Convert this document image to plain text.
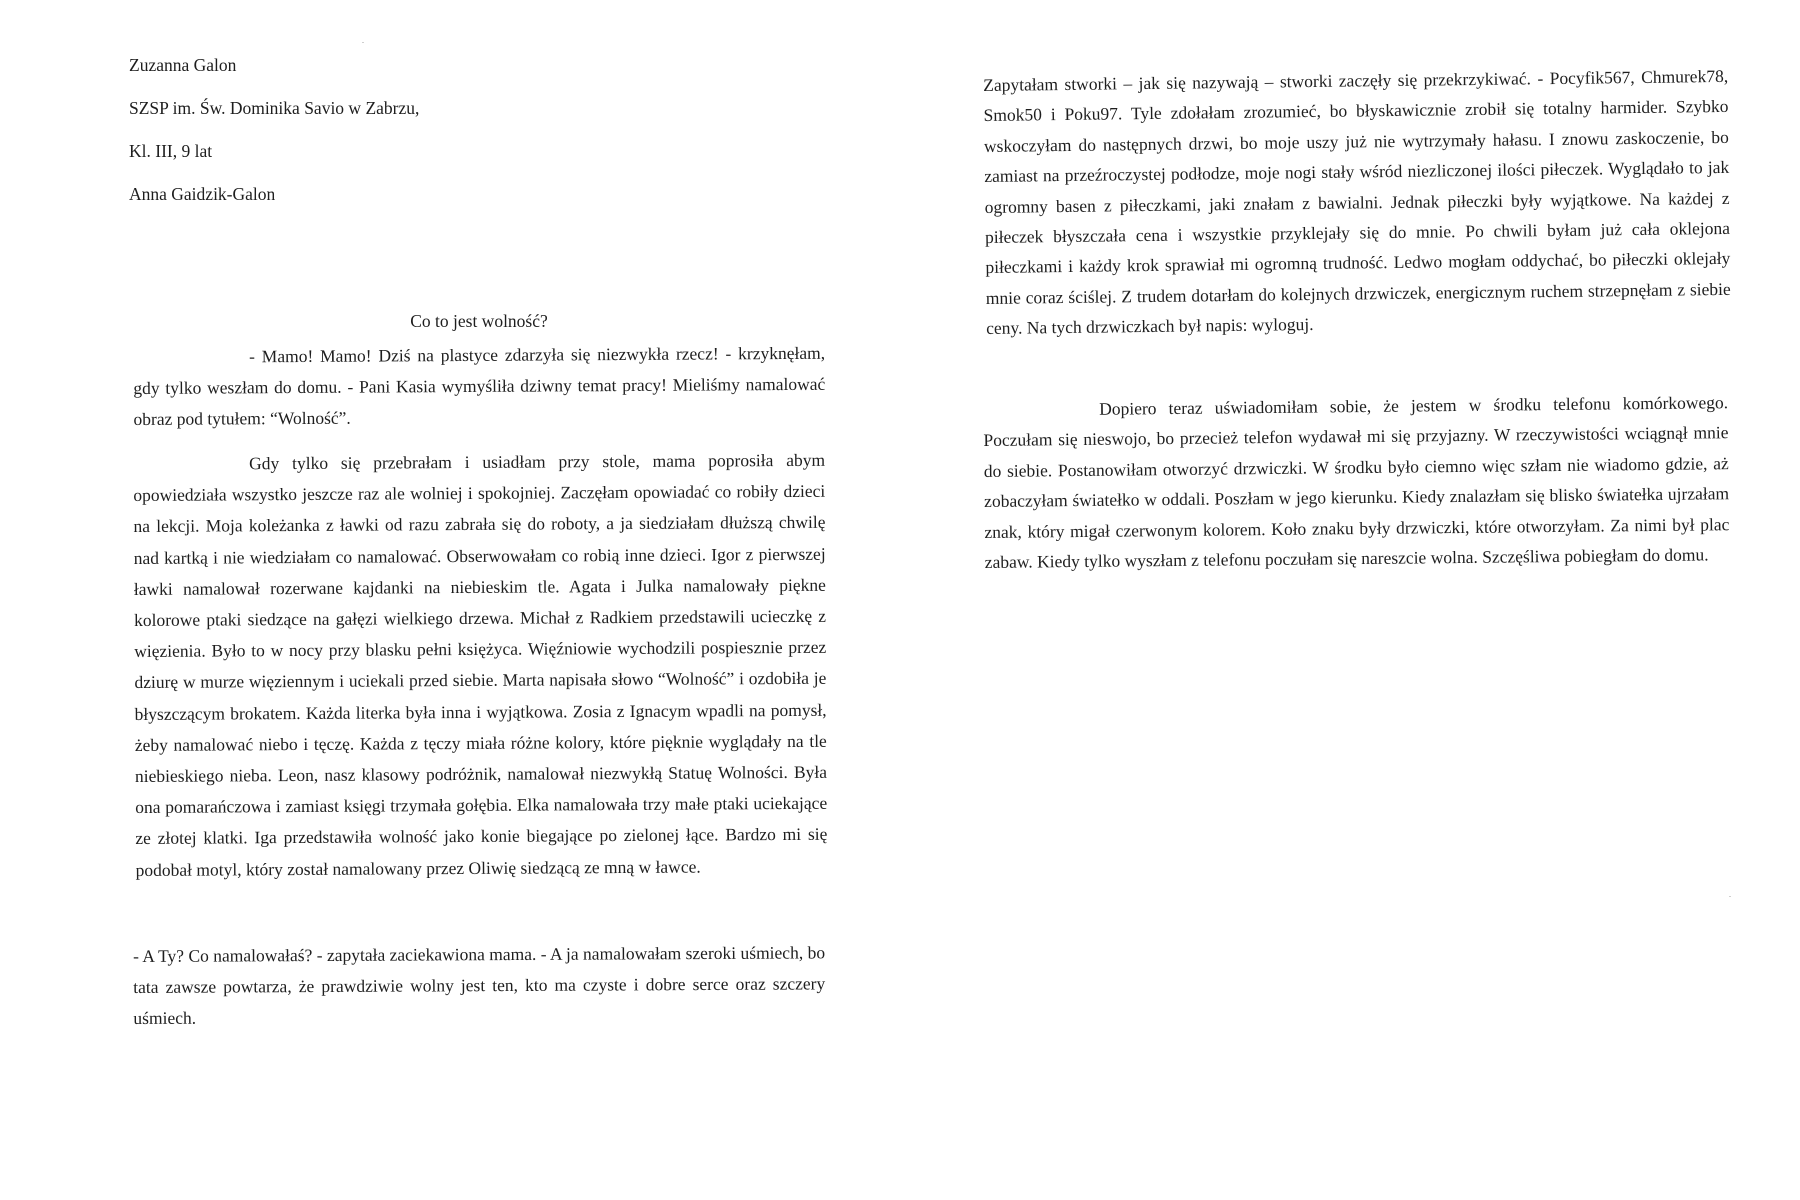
Zuzanna Galon
SZSP im. Św. Dominika Savio w Zabrzu,
Kl. III, 9 lat
Anna Gaidzik-Galon
Co to jest wolność?

- Mamo! Mamo! Dziś na plastyce zdarzyła się niezwykła rzecz! - krzyknęłam, gdy tylko weszłam do domu. - Pani Kasia wymyśliła dziwny temat pracy! Mieliśmy namalować obraz pod tytułem: “Wolność”.

Gdy tylko się przebrałam i usiadłam przy stole, mama poprosiła abym opowiedziała wszystko jeszcze raz ale wolniej i spokojniej. Zaczęłam opowiadać co robiły dzieci na lekcji. Moja koleżanka z ławki od razu zabrała się do roboty, a ja siedziałam dłuższą chwilę nad kartką i nie wiedziałam co namalować. Obserwowałam co robią inne dzieci. Igor z pierwszej ławki namalował rozerwane kajdanki na niebieskim tle. Agata i Julka namalowały piękne kolorowe ptaki siedzące na gałęzi wielkiego drzewa. Michał z Radkiem przedstawili ucieczkę z więzienia. Było to w nocy przy blasku pełni księżyca. Więźniowie wychodzili pospiesznie przez dziurę w murze więziennym i uciekali przed siebie. Marta napisała słowo “Wolność” i ozdobiła je błyszczącym brokatem. Każda literka była inna i wyjątkowa. Zosia z Ignacym wpadli na pomysł, żeby namalować niebo i tęczę. Każda z tęczy miała różne kolory, które pięknie wyglądały na tle niebieskiego nieba. Leon, nasz klasowy podróżnik, namalował niezwykłą Statuę Wolności. Była ona pomarańczowa i zamiast księgi trzymała gołębia. Elka namalowała trzy małe ptaki uciekające ze złotej klatki. Iga przedstawiła wolność jako konie biegające po zielonej łące. Bardzo mi się podobał motyl, który został namalowany przez Oliwię siedzącą ze mną w ławce.

- A Ty? Co namalowałaś? - zapytała zaciekawiona mama. - A ja namalowałam szeroki uśmiech, bo tata zawsze powtarza, że prawdziwie wolny jest ten, kto ma czyste i dobre serce oraz szczery uśmiech.

Zapytałam stworki – jak się nazywają – stworki zaczęły się przekrzykiwać. - Pocyfik567, Chmurek78, Smok50 i Poku97. Tyle zdołałam zrozumieć, bo błyskawicznie zrobił się totalny harmider. Szybko wskoczyłam do następnych drzwi, bo moje uszy już nie wytrzymały hałasu. I znowu zaskoczenie, bo zamiast na przeźroczystej podłodze, moje nogi stały wśród niezliczonej ilości piłeczek. Wyglądało to jak ogromny basen z piłeczkami, jaki znałam z bawialni. Jednak piłeczki były wyjątkowe. Na każdej z piłeczek błyszczała cena i wszystkie przyklejały się do mnie. Po chwili byłam już cała oklejona piłeczkami i każdy krok sprawiał mi ogromną trudność. Ledwo mogłam oddychać, bo piłeczki oklejały mnie coraz ściślej. Z trudem dotarłam do kolejnych drzwiczek, energicznym ruchem strzepnęłam z siebie ceny. Na tych drzwiczkach był napis: wyloguj.

Dopiero teraz uświadomiłam sobie, że jestem w środku telefonu komórkowego. Poczułam się nieswojo, bo przecież telefon wydawał mi się przyjazny. W rzeczywistości wciągnął mnie do siebie. Postanowiłam otworzyć drzwiczki. W środku było ciemno więc szłam nie wiadomo gdzie, aż zobaczyłam światełko w oddali. Poszłam w jego kierunku. Kiedy znalazłam się blisko światełka ujrzałam znak, który migał czerwonym kolorem. Koło znaku były drzwiczki, które otworzyłam. Za nimi był plac zabaw. Kiedy tylko wyszłam z telefonu poczułam się nareszcie wolna. Szczęśliwa pobiegłam do domu.
